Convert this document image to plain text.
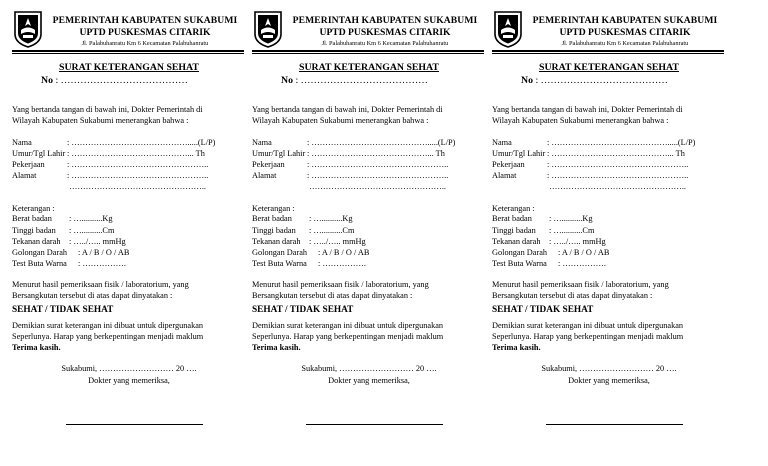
PEMERINTAH KABUPATEN SUKABUMI
UPTD PUSKESMAS CITARIK
Jl. Palabuhanratu Km 6 Kecamatan Palabuhanratu
SURAT KETERANGAN SEHAT
No : …………………………………
Yang bertanda tangan di bawah ini, Dokter Pemerintah di
Wilayah Kabupaten Sukabumi menerangkan bahwa :
Nama	: …………………………………….....(L/P)
Umur/Tgl Lahir : ……………………………………... Th
Pekerjaan	: …………………………………………..
Alamat	: …………………………………………..
…………………………………………..
Keterangan :
Berat badan : …..........Kg
Tinggi badan : …..........Cm
Tekanan darah : …../….. mmHg
Golongan Darah : A / B / O / AB
Test Buta Warna : …………….
Menurut hasil pemeriksaan fisik / laboratorium, yang
Bersangkutan tersebut di atas dapat dinyatakan :
SEHAT / TIDAK SEHAT
Demikian surat keterangan ini dibuat untuk dipergunakan
Seperlunya. Harap yang berkepentingan menjadi maklum
Terima kasih.
Sukabumi, ……………………… 20 ….
Dokter yang memeriksa,
PEMERINTAH KABUPATEN SUKABUMI
UPTD PUSKESMAS CITARIK
Jl. Palabuhanratu Km 6 Kecamatan Palabuhanratu
SURAT KETERANGAN SEHAT
No : …………………………………
Yang bertanda tangan di bawah ini, Dokter Pemerintah di
Wilayah Kabupaten Sukabumi menerangkan bahwa :
Nama	: …………………………………….....(L/P)
Umur/Tgl Lahir : ……………………………………... Th
Pekerjaan	: …………………………………………..
Alamat	: …………………………………………..
…………………………………………..
Keterangan :
Berat badan : …..........Kg
Tinggi badan : …..........Cm
Tekanan darah : …../….. mmHg
Golongan Darah : A / B / O / AB
Test Buta Warna : …………….
Menurut hasil pemeriksaan fisik / laboratorium, yang
Bersangkutan tersebut di atas dapat dinyatakan :
SEHAT / TIDAK SEHAT
Demikian surat keterangan ini dibuat untuk dipergunakan
Seperlunya. Harap yang berkepentingan menjadi maklum
Terima kasih.
Sukabumi, ……………………… 20 ….
Dokter yang memeriksa,
PEMERINTAH KABUPATEN SUKABUMI
UPTD PUSKESMAS CITARIK
Jl. Palabuhanratu Km 6 Kecamatan Palabuhanratu
SURAT KETERANGAN SEHAT
No : …………………………………
Yang bertanda tangan di bawah ini, Dokter Pemerintah di
Wilayah Kabupaten Sukabumi menerangkan bahwa :
Nama	: …………………………………….....(L/P)
Umur/Tgl Lahir : ……………………………………... Th
Pekerjaan	: …………………………………………..
Alamat	: …………………………………………..
…………………………………………..
Keterangan :
Berat badan : …..........Kg
Tinggi badan : …..........Cm
Tekanan darah : …../….. mmHg
Golongan Darah : A / B / O / AB
Test Buta Warna : …………….
Menurut hasil pemeriksaan fisik / laboratorium, yang
Bersangkutan tersebut di atas dapat dinyatakan :
SEHAT / TIDAK SEHAT
Demikian surat keterangan ini dibuat untuk dipergunakan
Seperlunya. Harap yang berkepentingan menjadi maklum
Terima kasih.
Sukabumi, ……………………… 20 ….
Dokter yang memeriksa,
